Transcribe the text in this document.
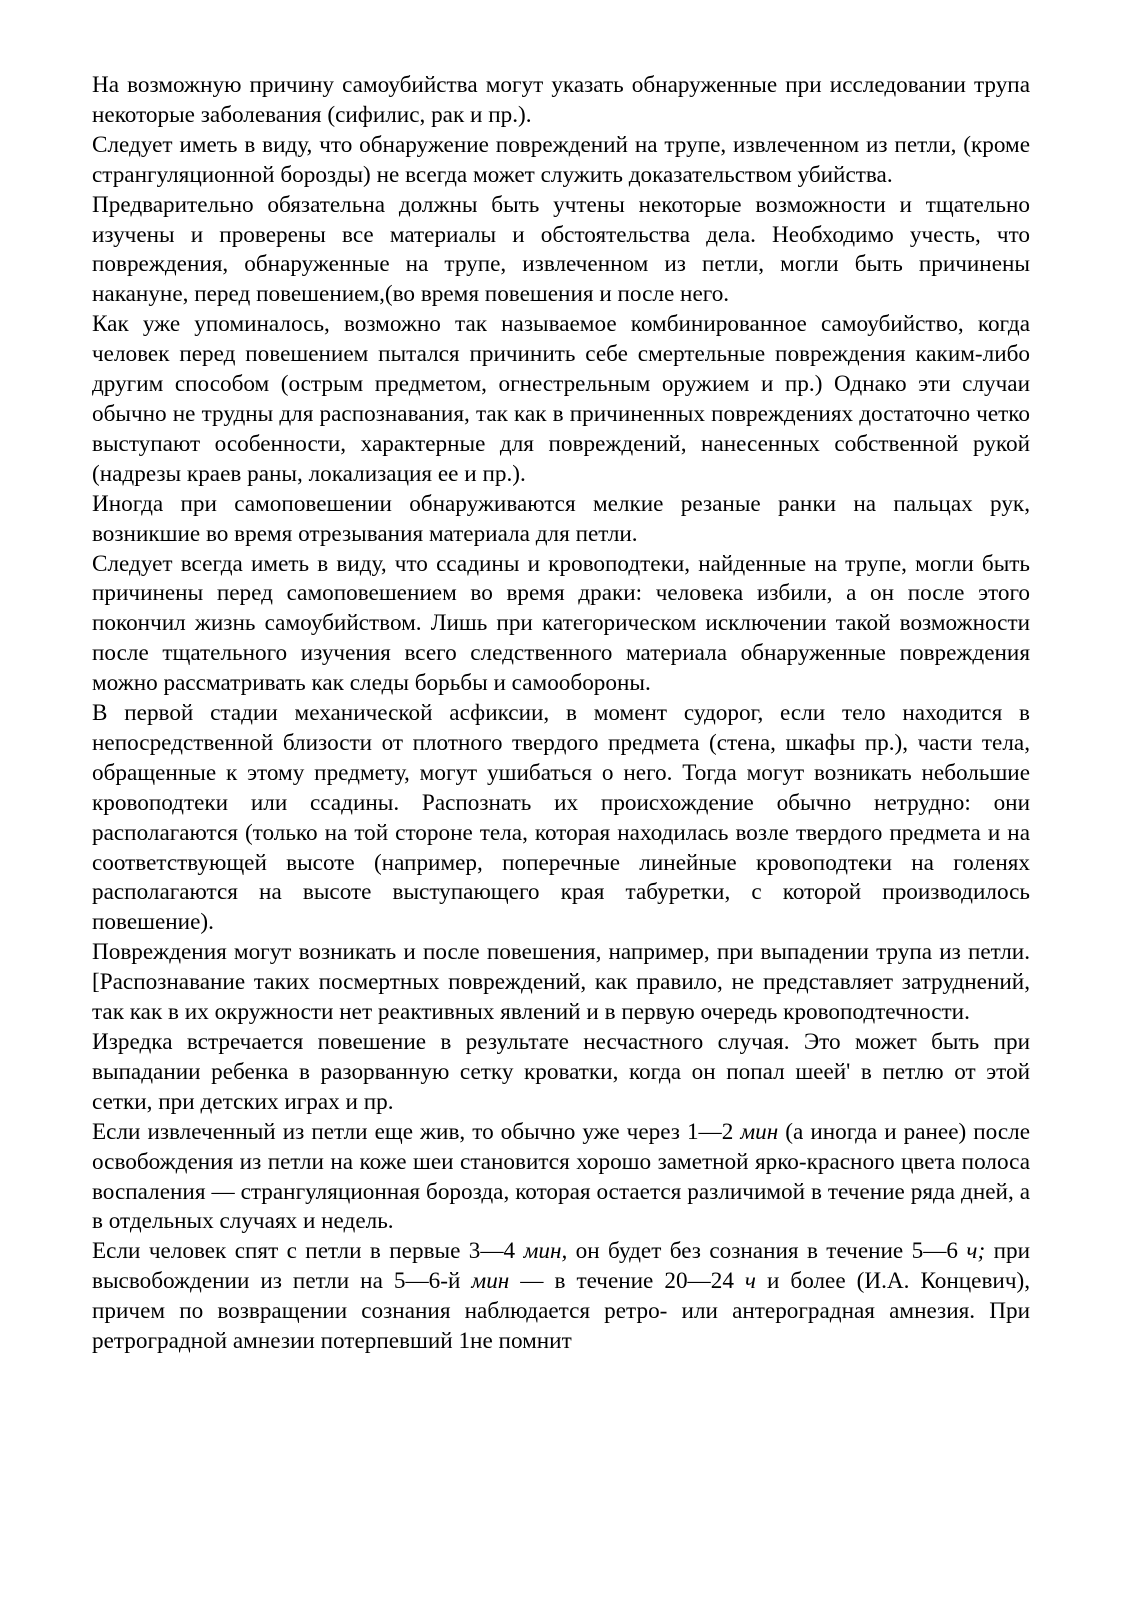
На возможную причину самоубийства могут указать обнаруженные при исследовании трупа некоторые заболевания (сифилис, рак и пр.).

Следует иметь в виду, что обнаружение повреждений на трупе, извлеченном из петли, (кроме странгуляционной борозды) не всегда может служить доказательством убийства.

Предварительно обязательна должны быть учтены некоторые возможности и тщательно изучены и проверены все материалы и обстоятельства дела. Необходимо учесть, что повреждения, обнаруженные на трупе, извлеченном из петли, могли быть причинены накануне, перед повешением,(во время повешения и после него.

Как уже упоминалось, возможно так называемое комбинированное самоубийство, когда человек перед повешением пытался причинить себе смертельные повреждения каким-либо другим способом (острым предметом, огнестрельным оружием и пр.) Однако эти случаи обычно не трудны для распознавания, так как в причиненных повреждениях достаточно четко выступают особенности, характерные для повреждений, нанесенных собственной рукой (надрезы краев раны, локализация ее и пр.).

Иногда при самоповешении обнаруживаются мелкие резаные ранки на пальцах рук, возникшие во время отрезывания материала для петли.

Следует всегда иметь в виду, что ссадины и кровоподтеки, найденные на трупе, могли быть причинены перед самоповешением во время драки: человека избили, а он после этого покончил жизнь самоубийством. Лишь при категорическом исключении такой возможности после тщательного изучения всего следственного материала обнаруженные повреждения можно рассматривать как следы борьбы и самообороны.

В первой стадии механической асфиксии, в момент судорог, если тело находится в непосредственной близости от плотного твердого предмета (стена, шкафы пр.), части тела, обращенные к этому предмету, могут ушибаться о него. Тогда могут возникать небольшие кровоподтеки или ссадины. Распознать их происхождение обычно нетрудно: они располагаются (только на той стороне тела, которая находилась возле твердого предмета и на соответствующей высоте (например, поперечные линейные кровоподтеки на голенях располагаются на высоте выступающего края табуретки, с которой производилось повешение).

Повреждения могут возникать и после повешения, например, при выпадении трупа из петли. [Распознавание таких посмертных повреждений, как правило, не представляет затруднений, так как в их окружности нет реактивных явлений и в первую очередь кровоподтечности.

Изредка встречается повешение в результате несчастного случая. Это может быть при выпадании ребенка в разорванную сетку кроватки, когда он попал шеей' в петлю от этой сетки, при детских играх и пр.

Если извлеченный из петли еще жив, то обычно уже через 1—2 мин (а иногда и ранее) после освобождения из петли на коже шеи становится хорошо заметной ярко-красного цвета полоса воспаления — странгуляционная борозда, которая остается различимой в течение ряда дней, а в отдельных случаях и недель.

Если человек спят с петли в первые 3—4 мин, он будет без сознания в течение 5—6 ч; при высвобождении из петли на 5—6-й мин — в течение 20—24 ч и более (И.А. Концевич), причем по возвращении сознания наблюдается ретро- или антероградная амнезия. При ретроградной амнезии потерпевший 1не помнит
